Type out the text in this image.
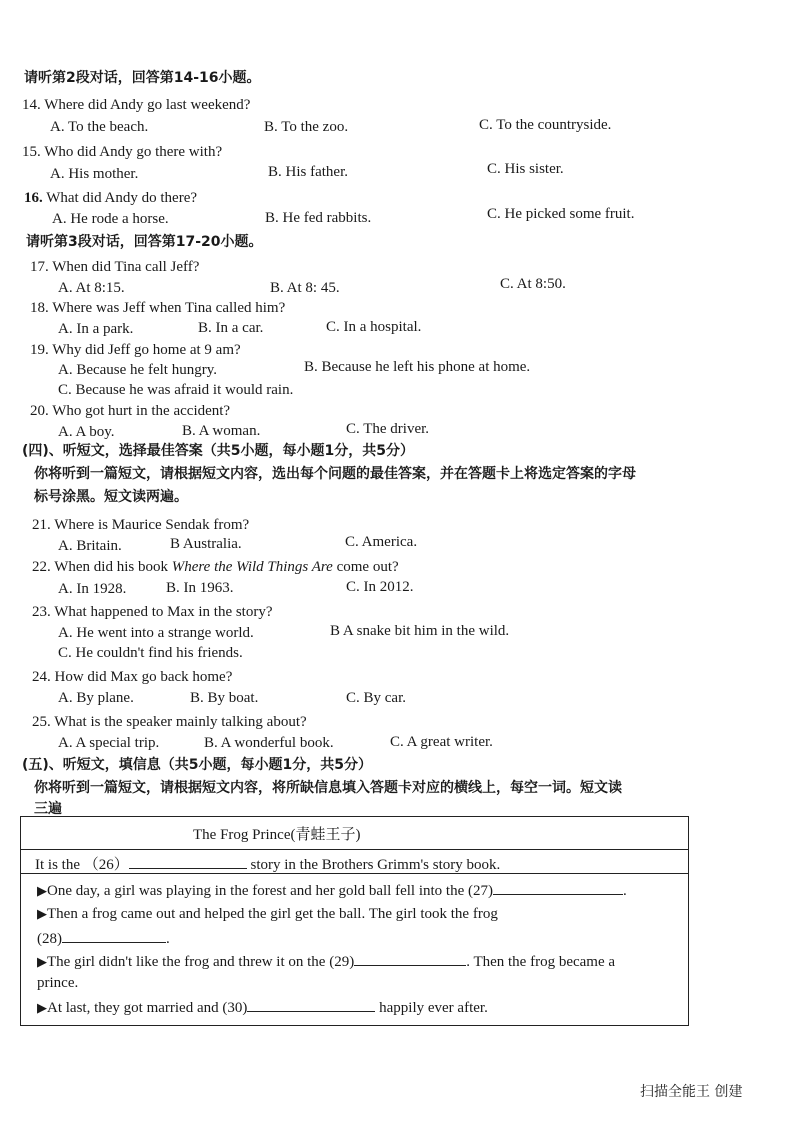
请听第2段对话，回答第14-16小题。
14. Where did Andy go last weekend?
A. To the beach.	B. To the zoo.	C. To the countryside.
15. Who did Andy go there with?
A. His mother.	B. His father.	C. His sister.
16. What did Andy do there?
A. He rode a horse.	B. He fed rabbits.	C. He picked some fruit.
请听第3段对话，回答第17-20小题。
17. When did Tina call Jeff?
A. At 8:15.	B. At 8: 45.	C. At 8:50.
18. Where was Jeff when Tina called him?
A. In a park.	B. In a car.	C. In a hospital.
19. Why did Jeff go home at 9 am?
A. Because he felt hungry.	B. Because he left his phone at home.
C. Because he was afraid it would rain.
20. Who got hurt in the accident?
A. A boy.	B. A woman.	C. The driver.
(四)、听短文，选择最佳答案（共5小题，每小题1分，共5分）
你将听到一篇短文，请根据短文内容，选出每个问题的最佳答案，并在答题卡上将选定答案的字母
标号涂黑。短文读两遍。
21. Where is Maurice Sendak from?
A. Britain.	B Australia.	C. America.
22. When did his book Where the Wild Things Are come out?
A. In 1928.	B. In 1963.	C. In 2012.
23. What happened to Max in the story?
A. He went into a strange world.	B A snake bit him in the wild.
C. He couldn't find his friends.
24. How did Max go back home?
A. By plane.	B. By boat.	C. By car.
25. What is the speaker mainly talking about?
A. A special trip.	B. A wonderful book.	C. A great writer.
(五)、听短文，填信息（共5小题，每小题1分，共5分）
你将听到一篇短文，请根据短文内容，将所缺信息填入答题卡对应的横线上，每空一词。短文读
三遍
The Frog Prince(青蛙王子)
It is the （26）	story in the Brothers Grimm's story book.
▶One day, a girl was playing in the forest and her gold ball fell into the (27)	.
▶Then a frog came out and helped the girl get the ball. The girl took the frog
(28)	.
▶The girl didn't like the frog and threw it on the (29)	. Then the frog became a
prince.
▶At last, they got married and (30)	happily ever after.
扫描全能王 创建
